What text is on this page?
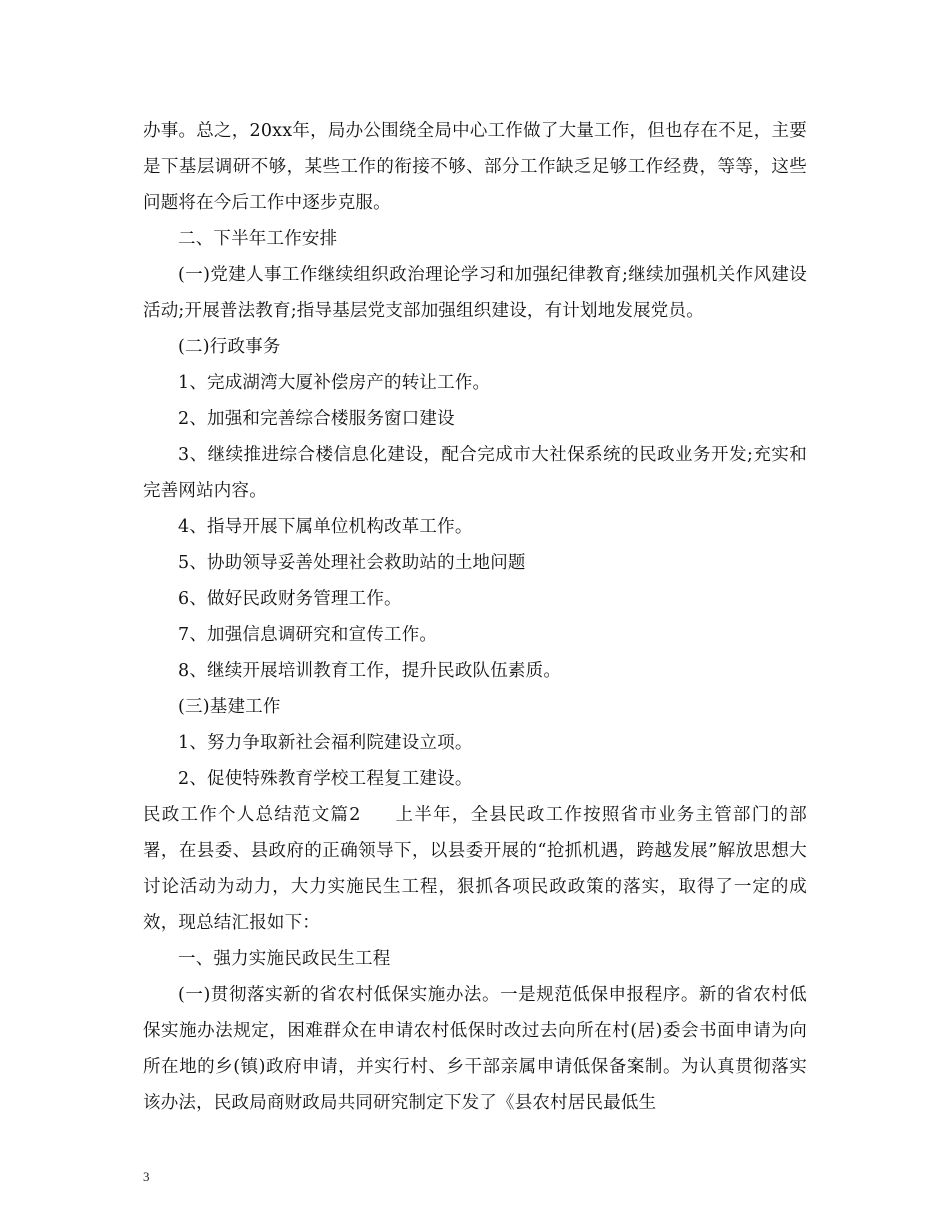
办事。总之，20xx年，局办公围绕全局中心工作做了大量工作，但也存在不足，主要是下基层调研不够，某些工作的衔接不够、部分工作缺乏足够工作经费，等等，这些问题将在今后工作中逐步克服。

二、下半年工作安排

(一)党建人事工作继续组织政治理论学习和加强纪律教育;继续加强机关作风建设活动;开展普法教育;指导基层党支部加强组织建设，有计划地发展党员。

(二)行政事务

1、完成湖湾大厦补偿房产的转让工作。

2、加强和完善综合楼服务窗口建设

3、继续推进综合楼信息化建设，配合完成市大社保系统的民政业务开发;充实和完善网站内容。

4、指导开展下属单位机构改革工作。

5、协助领导妥善处理社会救助站的土地问题

6、做好民政财务管理工作。

7、加强信息调研究和宣传工作。

8、继续开展培训教育工作，提升民政队伍素质。

(三)基建工作

1、努力争取新社会福利院建设立项。

2、促使特殊教育学校工程复工建设。

民政工作个人总结范文篇2 上半年，全县民政工作按照省市业务主管部门的部署，在县委、县政府的正确领导下，以县委开展的“抢抓机遇，跨越发展”解放思想大讨论活动为动力，大力实施民生工程，狠抓各项民政政策的落实，取得了一定的成效，现总结汇报如下：

一、强力实施民政民生工程

(一)贯彻落实新的省农村低保实施办法。一是规范低保申报程序。新的省农村低保实施办法规定，困难群众在申请农村低保时改过去向所在村(居)委会书面申请为向所在地的乡(镇)政府申请，并实行村、乡干部亲属申请低保备案制。为认真贯彻落实该办法，民政局商财政局共同研究制定下发了《县农村居民最低生

3
